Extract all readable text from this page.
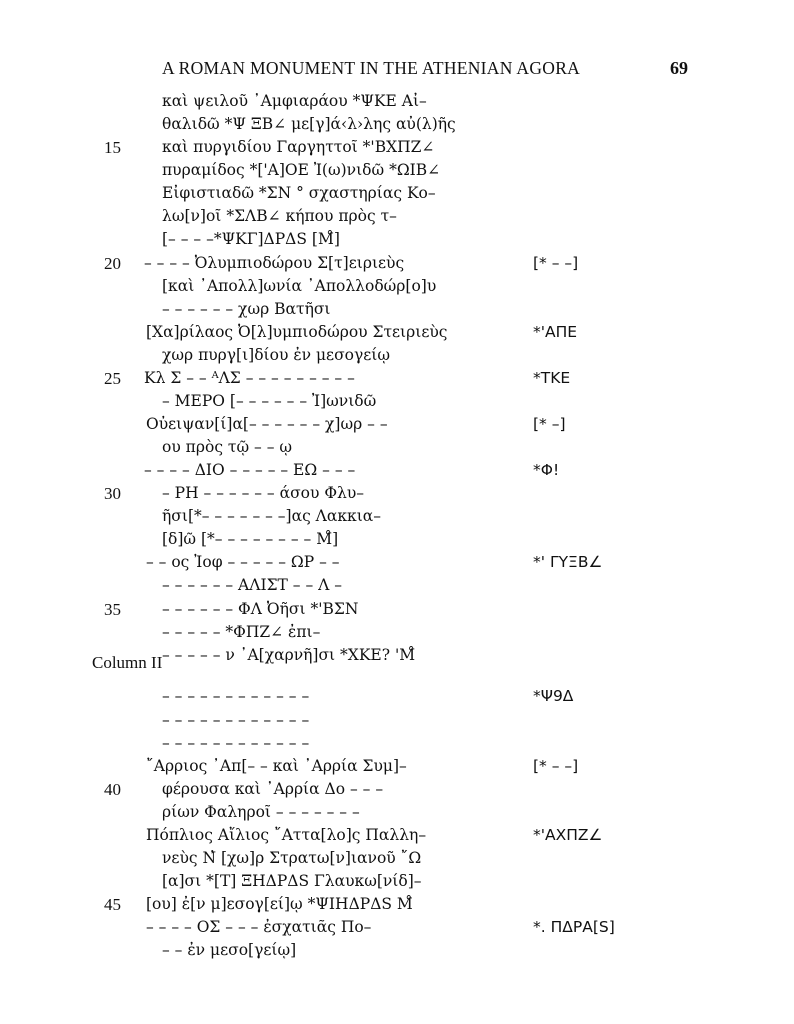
A ROMAN MONUMENT IN THE ATHENIAN AGORA	69
Column II
καὶ ψειλοῦ ᾿Αμφιαράου *ΨΚΕ Αἰ–
θαλιδῶ *Ψ ΞΒ∠ με[γ]ά‹λ›λης αὐ(λ)ῆς
15	καὶ πυργιδίου Γαργηττοῖ *'ΒΧΠΖ∠
πυραμίδος *['Α]ΟΕ Ἰ(ω)νιδῶ *ΩΙΒ∠
Εἰφιστιαδῶ *ΣΝ ° σχαστηρίας Κο–
λω[ν]οῖ *ΣΛΒ∠ κήπου πρὸς τ–
[– – – –*ΨΚΓ]ΔΡΔS [Μ̊]
20	– – – – Ὀλυμπιοδώρου Σ[τ]ειριεὺς	[* – –]
[καὶ ᾿Απολλ]ωνία ᾿Απολλοδώρ[ο]υ
– – – – – – χωρ Βατῆσι
[Χα]ρίλαος Ὀ[λ]υμπιοδώρου Στειριεὺς	*'ΑΠΕ
χωρ πυργ[ι]δίου ἐν μεσογείῳ
25	Κλ Σ – – ᴬΛΣ – – – – – – – – –	*ΤΚΕ
– ΜΕΡΟ [– – – – – – Ἰ]ωνιδῶ
Οὐειψαν[ί]α[– – – – – – χ]ωρ – –	[* –]
ου πρὸς τῷ – – ῳ
– – – – ΔΙΟ – – – – – ΕΩ – – –	*Φ!
30	– ΡΗ – – – – – – άσου Φλυ–
ῆσι[*– – – – – – –]ας Λακκια–
[δ]ῶ [*– – – – – – – – Μ̊]
– – ος Ἰοφ – – – – – ΩΡ – –	*' ΓΥΞΒ∠
– – – – – – ΑΛΙΣΤ – – Λ –
35	– – – – – – ΦΛ Ὀῆσι *'ΒΣΝ
– – – – – *ΦΠΖ∠ ἐπι–
– – – – – ν ᾿Α[χαρνῆ]σι *ΧΚΕ? 'Μ̊
– – – – – – – – – – – –	*Ψ9Δ
– – – – – – – – – – – –
– – – – – – – – – – – –
῎Αρριος ᾿Απ[– – καὶ ᾿Αρρία Συμ]–	[* – –]
40	φέρουσα καὶ ᾿Αρρία Δο – – –
ρίων Φαληροῖ – – – – – – –
Πόπλιος Αἴλιος ῎Αττα[λο]ς Παλλη–	*'ΑΧΠΖ∠
νεὺς Ν̓ [χω]ρ Στρατω[ν]ιανοῦ ῎Ω
[α]σι *[Τ] ΞΗΔΡΔS Γλαυκω[νίδ]–
45	[ου] ἐ[ν μ]εσογ[εί]ῳ *ΨΙΗΔΡΔS Μ̊
– – – – ΟΣ – – – ἐσχατιᾶς Πο–	*. ΠΔΡΑ[S]
– – ἐν μεσο[γείῳ]
